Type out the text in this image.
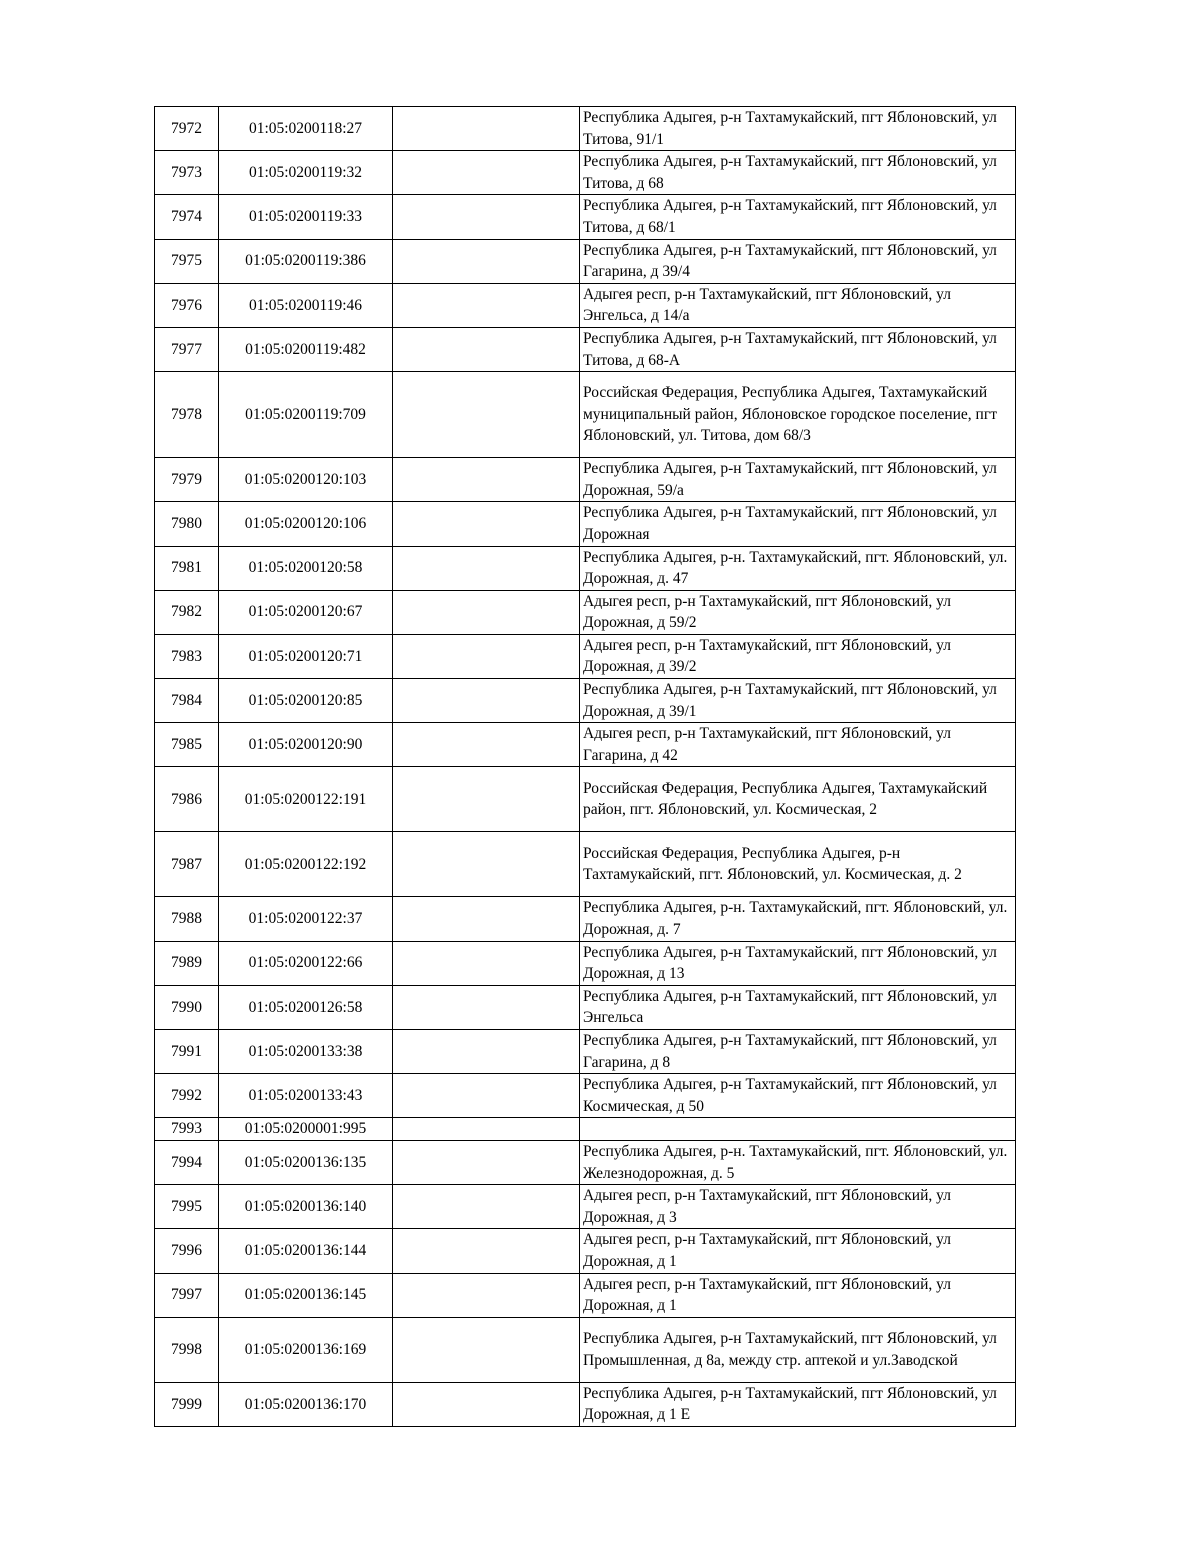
7972	01:05:0200118:27		Республика Адыгея, р-н Тахтамукайский, пгт Яблоновский, ул Титова, 91/1
7973	01:05:0200119:32		Республика Адыгея, р-н Тахтамукайский, пгт Яблоновский, ул Титова, д 68
7974	01:05:0200119:33		Республика Адыгея, р-н Тахтамукайский, пгт Яблоновский, ул Титова, д 68/1
7975	01:05:0200119:386		Республика Адыгея, р-н Тахтамукайский, пгт Яблоновский, ул Гагарина, д 39/4
7976	01:05:0200119:46		Адыгея респ, р-н Тахтамукайский, пгт Яблоновский, ул Энгельса, д 14/а
7977	01:05:0200119:482		Республика Адыгея, р-н Тахтамукайский, пгт Яблоновский, ул Титова, д 68-А
7978	01:05:0200119:709		Российская Федерация, Республика Адыгея, Тахтамукайский муниципальный район, Яблоновское городское поселение, пгт Яблоновский, ул. Титова, дом 68/3
7979	01:05:0200120:103		Республика Адыгея, р-н Тахтамукайский, пгт Яблоновский, ул Дорожная, 59/а
7980	01:05:0200120:106		Республика Адыгея, р-н Тахтамукайский, пгт Яблоновский, ул Дорожная
7981	01:05:0200120:58		Республика Адыгея, р-н. Тахтамукайский, пгт. Яблоновский, ул. Дорожная, д. 47
7982	01:05:0200120:67		Адыгея респ, р-н Тахтамукайский, пгт Яблоновский, ул Дорожная, д 59/2
7983	01:05:0200120:71		Адыгея респ, р-н Тахтамукайский, пгт Яблоновский, ул Дорожная, д 39/2
7984	01:05:0200120:85		Республика Адыгея, р-н Тахтамукайский, пгт Яблоновский, ул Дорожная, д 39/1
7985	01:05:0200120:90		Адыгея респ, р-н Тахтамукайский, пгт Яблоновский, ул Гагарина, д 42
7986	01:05:0200122:191		Российская Федерация, Республика Адыгея, Тахтамукайский район, пгт. Яблоновский, ул. Космическая, 2
7987	01:05:0200122:192		Российская Федерация, Республика Адыгея, р-н Тахтамукайский, пгт. Яблоновский, ул. Космическая, д. 2
7988	01:05:0200122:37		Республика Адыгея, р-н. Тахтамукайский, пгт. Яблоновский, ул. Дорожная, д. 7
7989	01:05:0200122:66		Республика Адыгея, р-н Тахтамукайский, пгт Яблоновский, ул Дорожная, д 13
7990	01:05:0200126:58		Республика Адыгея, р-н Тахтамукайский, пгт Яблоновский, ул Энгельса
7991	01:05:0200133:38		Республика Адыгея, р-н Тахтамукайский, пгт Яблоновский, ул Гагарина, д 8
7992	01:05:0200133:43		Республика Адыгея, р-н Тахтамукайский, пгт Яблоновский, ул Космическая, д 50
7993	01:05:0200001:995		
7994	01:05:0200136:135		Республика Адыгея, р-н. Тахтамукайский, пгт. Яблоновский, ул. Железнодорожная, д. 5
7995	01:05:0200136:140		Адыгея респ, р-н Тахтамукайский, пгт Яблоновский, ул Дорожная, д 3
7996	01:05:0200136:144		Адыгея респ, р-н Тахтамукайский, пгт Яблоновский, ул Дорожная, д 1
7997	01:05:0200136:145		Адыгея респ, р-н Тахтамукайский, пгт Яблоновский, ул Дорожная, д 1
7998	01:05:0200136:169		Республика Адыгея, р-н Тахтамукайский, пгт Яблоновский, ул Промышленная, д 8а, между стр. аптекой и ул.Заводской
7999	01:05:0200136:170		Республика Адыгея, р-н Тахтамукайский, пгт Яблоновский, ул Дорожная, д 1 Е
